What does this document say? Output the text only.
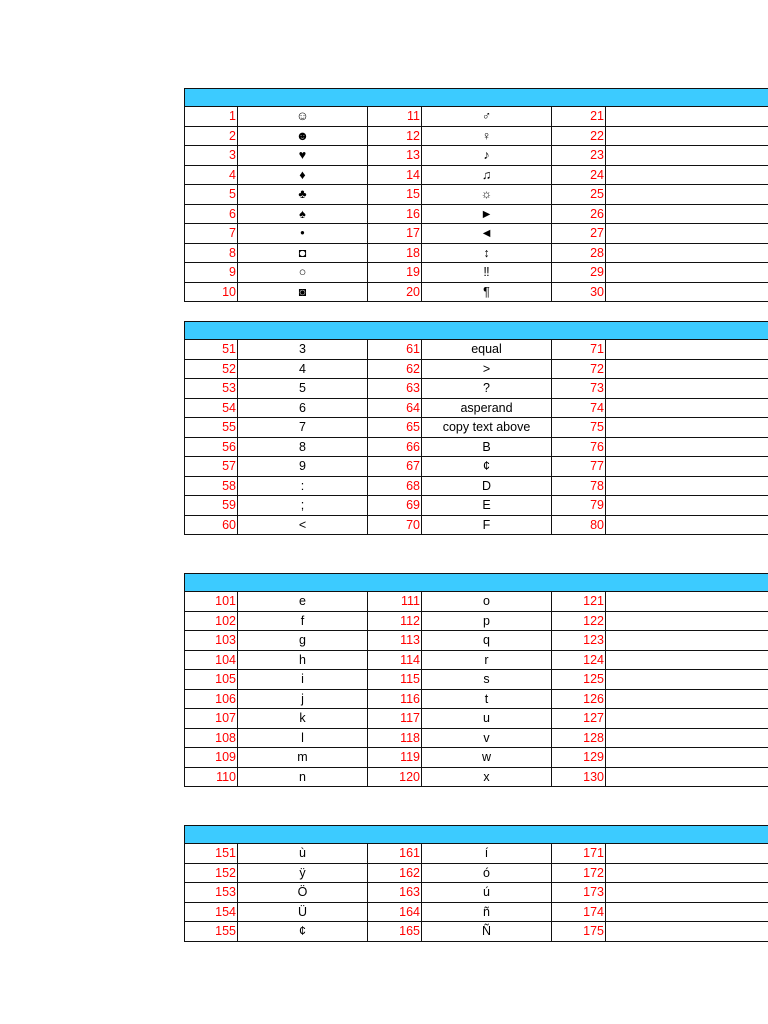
1	☺	11	♂	21
2	☻	12	♀	22
3	♥	13	♪	23
4	♦	14	♫	24
5	♣	15	☼	25
6	♠	16	►	26
7	•	17	◄	27
8	◘	18	↕	28
9	○	19	‼	29
10	◙	20	¶	30
51	3	61	equal	71
52	4	62	>	72
53	5	63	?	73
54	6	64	asperand	74
55	7	65	copy text above	75
56	8	66	B	76
57	9	67	¢	77
58	:	68	D	78
59	;	69	E	79
60	<	70	F	80
101	e	111	o	121
102	f	112	p	122
103	g	113	q	123
104	h	114	r	124
105	i	115	s	125
106	j	116	t	126
107	k	117	u	127
108	l	118	v	128
109	m	119	w	129
110	n	120	x	130
151	ù	161	í	171
152	ÿ	162	ó	172
153	Ö	163	ú	173
154	Ü	164	ñ	174
155	¢	165	Ñ	175
